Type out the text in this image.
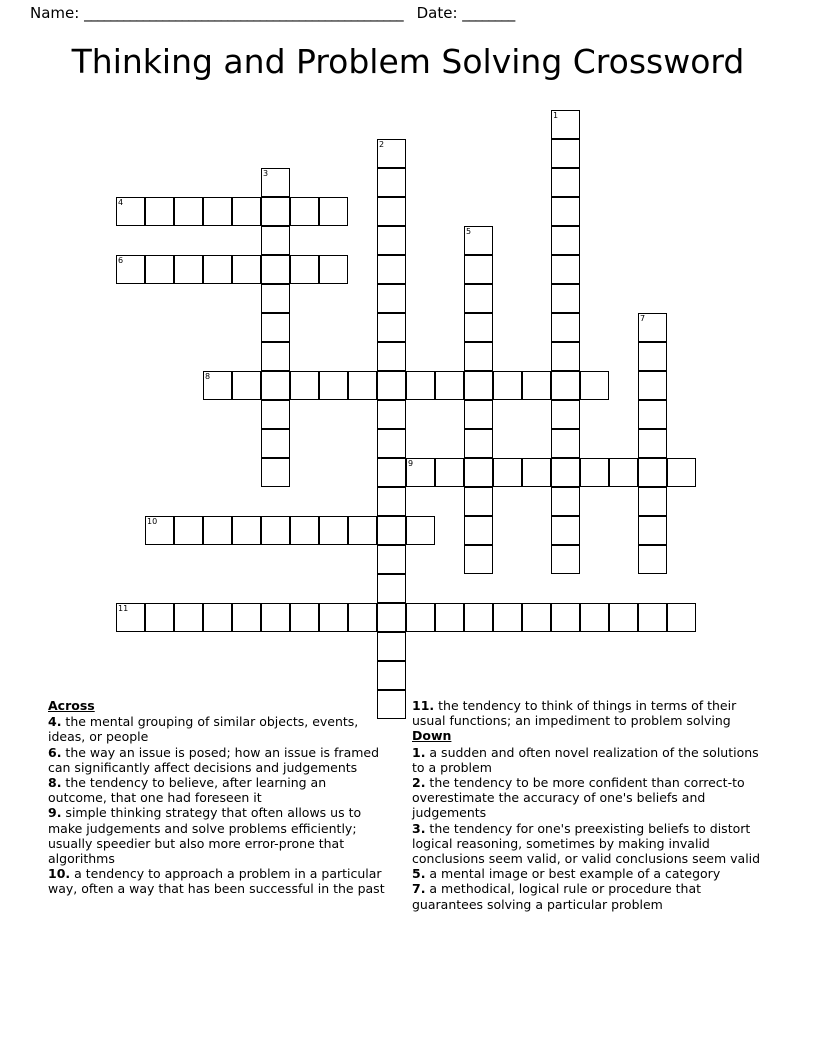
Name: _________________________________________________ Date: ________
Thinking and Problem Solving Crossword
1
2
3
4
5
6
7
8
9
10
11
Across
4. the mental grouping of similar objects, events, ideas, or people
6. the way an issue is posed; how an issue is framed can significantly affect decisions and judgements
8. the tendency to believe, after learning an outcome, that one had foreseen it
9. simple thinking strategy that often allows us to make judgements and solve problems efficiently; usually speedier but also more error-prone that algorithms
10. a tendency to approach a problem in a particular way, often a way that has been successful in the past
11. the tendency to think of things in terms of their usual functions; an impediment to problem solving
Down
1. a sudden and often novel realization of the solutions to a problem
2. the tendency to be more confident than correct-to overestimate the accuracy of one's beliefs and judgements
3. the tendency for one's preexisting beliefs to distort logical reasoning, sometimes by making invalid conclusions seem valid, or valid conclusions seem valid
5. a mental image or best example of a category
7. a methodical, logical rule or procedure that guarantees solving a particular problem
